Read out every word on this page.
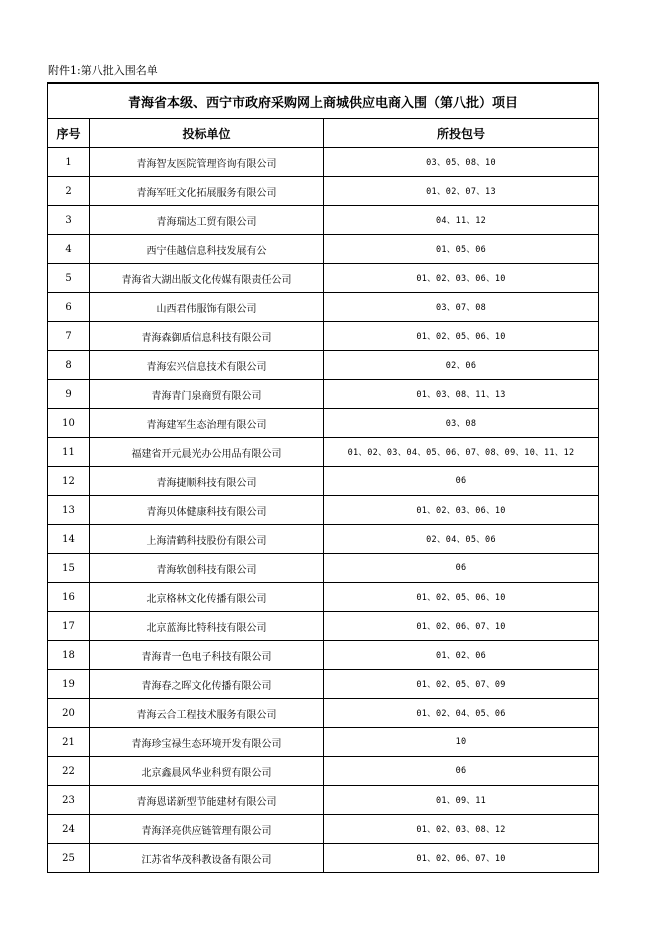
附件1:第八批入围名单
青海省本级、西宁市政府采购网上商城供应电商入围（第八批）项目		
序号	投标单位	所投包号
1	青海智友医院管理咨询有限公司	03、05、08、10
2	青海军旺文化拓展服务有限公司	01、02、07、13
3	青海瑞达工贸有限公司	04、11、12
4	西宁佳越信息科技发展有公	01、05、06
5	青海省大湖出版文化传媒有限责任公司	01、02、03、06、10
6	山西君伟服饰有限公司	03、07、08
7	青海森御盾信息科技有限公司	01、02、05、06、10
8	青海宏兴信息技术有限公司	02、06
9	青海青门泉商贸有限公司	01、03、08、11、13
10	青海建军生态治理有限公司	03、08
11	福建省开元晨光办公用品有限公司	01、02、03、04、05、06、07、08、09、10、11、12
12	青海捷顺科技有限公司	06
13	青海贝体健康科技有限公司	01、02、03、06、10
14	上海清鹤科技股份有限公司	02、04、05、06
15	青海软创科技有限公司	06
16	北京格林文化传播有限公司	01、02、05、06、10
17	北京蓝海比特科技有限公司	01、02、06、07、10
18	青海青一色电子科技有限公司	01、02、06
19	青海春之晖文化传播有限公司	01、02、05、07、09
20	青海云合工程技术服务有限公司	01、02、04、05、06
21	青海珍宝禄生态环境开发有限公司	10
22	北京鑫晨风华业科贸有限公司	06
23	青海恩诺新型节能建材有限公司	01、09、11
24	青海泽亮供应链管理有限公司	01、02、03、08、12
25	江苏省华茂科教设备有限公司	01、02、06、07、10
